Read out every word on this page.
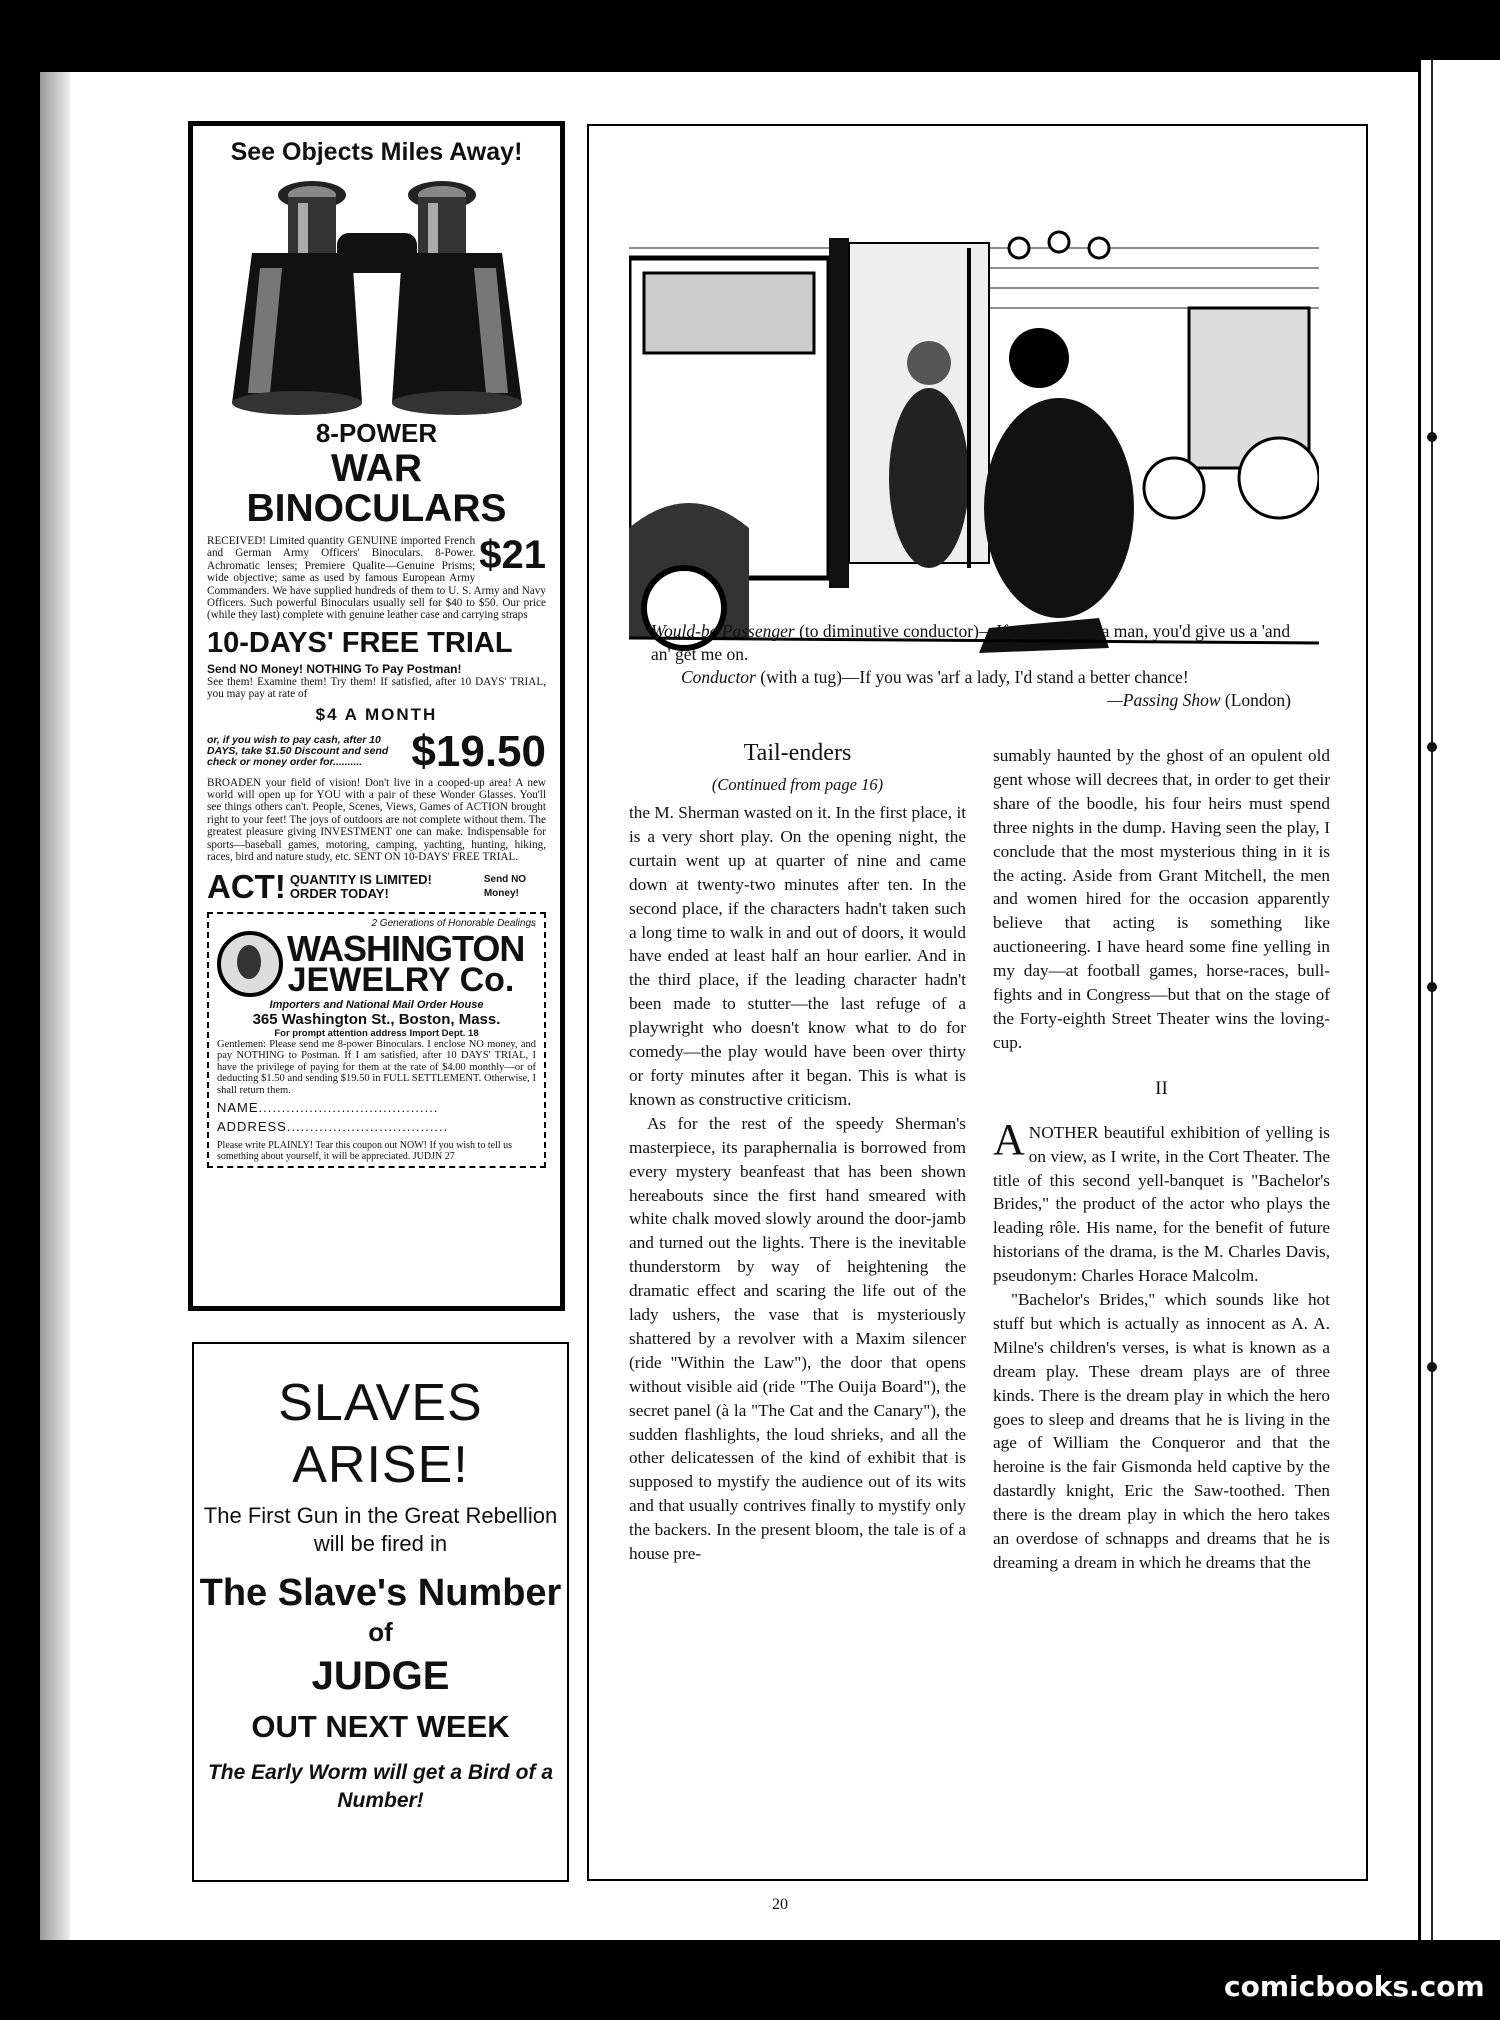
See Objects Miles Away!
8-POWER
WAR BINOCULARS
$21

RECEIVED! Limited quantity GENUINE imported French and German Army Officers' Binoculars. 8-Power. Achromatic lenses; Premiere Qualite—Genuine Prisms; wide objective; same as used by famous European Army Commanders. We have supplied hundreds of them to U. S. Army and Navy Officers. Such powerful Binoculars usually sell for $40 to $50. Our price (while they last) complete with genuine leather case and carrying straps

10-DAYS' FREE TRIAL
Send NO Money! NOTHING To Pay Postman!

See them! Examine them! Try them! If satisfied, after 10 DAYS' TRIAL, you may pay at rate of

$4 A MONTH
or, if you wish to pay cash, after 10 DAYS, take $1.50 Discount and send check or money order for..........	$19.50

BROADEN your field of vision! Don't live in a cooped-up area! A new world will open up for YOU with a pair of these Wonder Glasses. You'll see things others can't. People, Scenes, Views, Games of ACTION brought right to your feet! The joys of outdoors are not complete without them. The greatest pleasure giving INVESTMENT one can make. Indispensable for sports—baseball games, motoring, camping, yachting, hunting, hiking, races, bird and nature study, etc. SENT ON 10-DAYS' FREE TRIAL.

ACT! QUANTITY IS LIMITED! ORDER TODAY!
Send NO Money!
2 Generations of Honorable Dealings
WASHINGTON
JEWELRY Co.
Importers and National Mail Order House
365 Washington St., Boston, Mass.
For prompt attention address Import Dept. 18

Gentlemen: Please send me 8-power Binoculars. I enclose NO money, and pay NOTHING to Postman. If I am satisfied, after 10 DAYS' TRIAL, I have the privilege of paying for them at the rate of $4.00 monthly—or of deducting $1.50 and sending $19.50 in FULL SETTLEMENT. Otherwise, I shall return them.

NAME.......................................
ADDRESS...................................

Please write PLAINLY! Tear this coupon out NOW! If you wish to tell us something about yourself, it will be appreciated. JUDJN 27

SLAVES
ARISE!
The First Gun in the Great Rebellion will be fired in
The Slave's Number
of
JUDGE
OUT NEXT WEEK
The Early Worm will get a Bird of a Number!
Would-be Passenger (to diminutive conductor)—If you was 'arf a man, you'd give us a 'and an' get me on.
Conductor (with a tug)—If you was 'arf a lady, I'd stand a better chance!
—Passing Show (London)
Tail-enders
(Continued from page 16)
the M. Sherman wasted on it. In the first place, it is a very short play. On the opening night, the curtain went up at quarter of nine and came down at twenty-two minutes after ten. In the second place, if the characters hadn't taken such a long time to walk in and out of doors, it would have ended at least half an hour earlier. And in the third place, if the leading character hadn't been made to stutter—the last refuge of a playwright who doesn't know what to do for comedy—the play would have been over thirty or forty minutes after it began. This is what is known as constructive criticism.
As for the rest of the speedy Sherman's masterpiece, its paraphernalia is borrowed from every mystery beanfeast that has been shown hereabouts since the first hand smeared with white chalk moved slowly around the door-jamb and turned out the lights. There is the inevitable thunderstorm by way of heightening the dramatic effect and scaring the life out of the lady ushers, the vase that is mysteriously shattered by a revolver with a Maxim silencer (ride "Within the Law"), the door that opens without visible aid (ride "The Ouija Board"), the secret panel (à la "The Cat and the Canary"), the sudden flashlights, the loud shrieks, and all the other delicatessen of the kind of exhibit that is supposed to mystify the audience out of its wits and that usually contrives finally to mystify only the backers. In the present bloom, the tale is of a house pre-
sumably haunted by the ghost of an opulent old gent whose will decrees that, in order to get their share of the boodle, his four heirs must spend three nights in the dump. Having seen the play, I conclude that the most mysterious thing in it is the acting. Aside from Grant Mitchell, the men and women hired for the occasion apparently believe that acting is something like auctioneering. I have heard some fine yelling in my day—at football games, horse-races, bull-fights and in Congress—but that on the stage of the Forty-eighth Street Theater wins the loving-cup.
II
ANOTHER beautiful exhibition of yelling is on view, as I write, in the Cort Theater. The title of this second yell-banquet is "Bachelor's Brides," the product of the actor who plays the leading rôle. His name, for the benefit of future historians of the drama, is the M. Charles Davis, pseudonym: Charles Horace Malcolm.
"Bachelor's Brides," which sounds like hot stuff but which is actually as innocent as A. A. Milne's children's verses, is what is known as a dream play. These dream plays are of three kinds. There is the dream play in which the hero goes to sleep and dreams that he is living in the age of William the Conqueror and that the heroine is the fair Gismonda held captive by the dastardly knight, Eric the Saw-toothed. Then there is the dream play in which the hero takes an overdose of schnapps and dreams that he is dreaming a dream in which he dreams that the
20
comicbooks.com
